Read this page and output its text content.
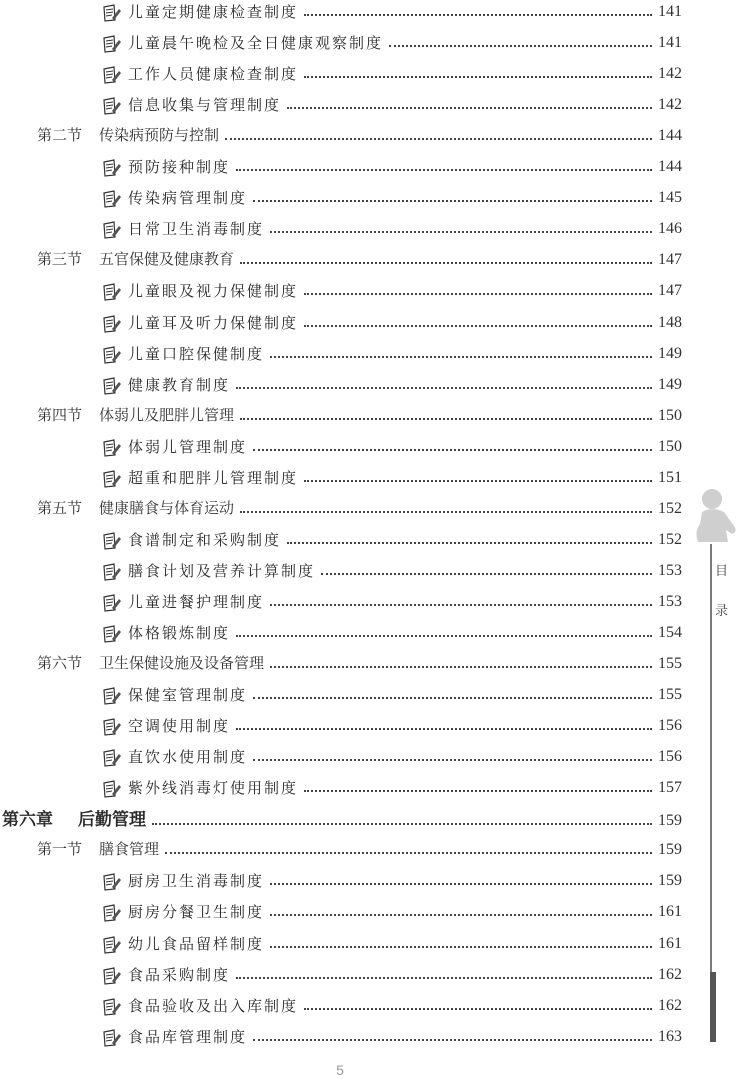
儿童定期健康检查制度	141
儿童晨午晚检及全日健康观察制度	141
工作人员健康检查制度	142
信息收集与管理制度	142
第二节	传染病预防与控制	144
预防接种制度	144
传染病管理制度	145
日常卫生消毒制度	146
第三节	五官保健及健康教育	147
儿童眼及视力保健制度	147
儿童耳及听力保健制度	148
儿童口腔保健制度	149
健康教育制度	149
第四节	体弱儿及肥胖儿管理	150
体弱儿管理制度	150
超重和肥胖儿管理制度	151
第五节	健康膳食与体育运动	152
食谱制定和采购制度	152
膳食计划及营养计算制度	153
儿童进餐护理制度	153
体格锻炼制度	154
第六节	卫生保健设施及设备管理	155
保健室管理制度	155
空调使用制度	156
直饮水使用制度	156
紫外线消毒灯使用制度	157
第六章	后勤管理	159
第一节	膳食管理	159
厨房卫生消毒制度	159
厨房分餐卫生制度	161
幼儿食品留样制度	161
食品采购制度	162
食品验收及出入库制度	162
食品库管理制度	163
目
录
5
